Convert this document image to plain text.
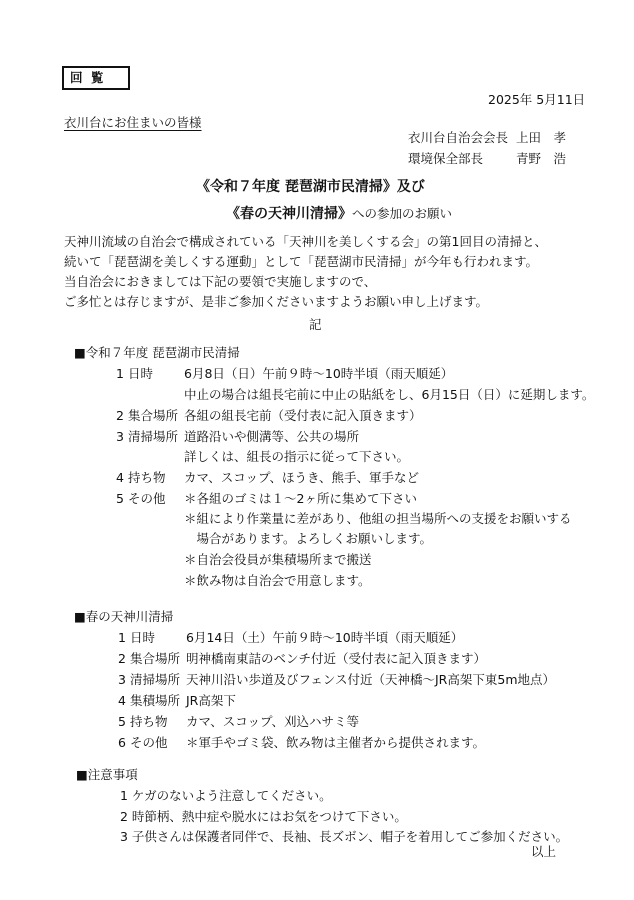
回 覧
2025年 5月11日
衣川台にお住まいの皆様
衣川台自治会会長 上田　孝
環境保全部長	青野　浩
《令和７年度 琵琶湖市民清掃》及び
《春の天神川清掃》への参加のお願い
天神川流域の自治会で構成されている「天神川を美しくする会」の第1回目の清掃と、
続いて「琵琶湖を美しくする運動」として「琵琶湖市民清掃」が今年も行われます。
当自治会におきましては下記の要領で実施しますので、
ご多忙とは存じますが、是非ご参加くださいますようお願い申し上げます。
記
■令和７年度 琵琶湖市民清掃
1 日時 6月8日（日）午前９時～10時半頃（雨天順延）
中止の場合は組長宅前に中止の貼紙をし、6月15日（日）に延期します。
2 集合場所 各組の組長宅前（受付表に記入頂きます）
3 清掃場所 道路沿いや側溝等、公共の場所
詳しくは、組長の指示に従って下さい。
4 持ち物 カマ、スコップ、ほうき、熊手、軍手など
5 その他 ＊各組のゴミは１～2ヶ所に集めて下さい
＊組により作業量に差があり、他組の担当場所への支援をお願いする
　場合があります。よろしくお願いします。
＊自治会役員が集積場所まで搬送
＊飲み物は自治会で用意します。
■春の天神川清掃
1 日時 6月14日（土）午前９時～10時半頃（雨天順延）
2 集合場所 明神橋南東詰のベンチ付近（受付表に記入頂きます）
3 清掃場所 天神川沿い歩道及びフェンス付近（天神橋～JR高架下東5m地点）
4 集積場所 JR高架下
5 持ち物 カマ、スコップ、刈込ハサミ等
6 その他 ＊軍手やゴミ袋、飲み物は主催者から提供されます。
■注意事項
1 ケガのないよう注意してください。
2 時節柄、熱中症や脱水にはお気をつけて下さい。
3 子供さんは保護者同伴で、長袖、長ズボン、帽子を着用してご参加ください。
以上
